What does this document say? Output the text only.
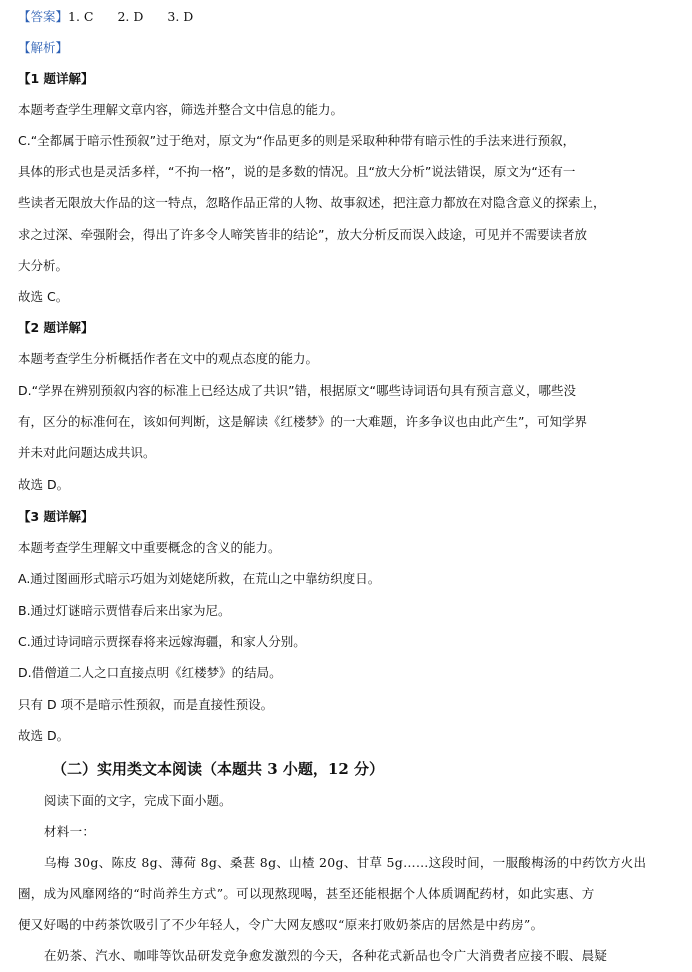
【答案】1. C 2. D 3. D
【解析】
【1 题详解】
本题考查学生理解文章内容，筛选并整合文中信息的能力。
C.“全都属于暗示性预叙”过于绝对，原文为“作品更多的则是采取种种带有暗示性的手法来进行预叙，
具体的形式也是灵活多样，“不拘一格”，说的是多数的情况。且“放大分析”说法错误，原文为“还有一
些读者无限放大作品的这一特点，忽略作品正常的人物、故事叙述，把注意力都放在对隐含意义的探索上，
求之过深、牵强附会，得出了许多令人啼笑皆非的结论”，放大分析反而误入歧途，可见并不需要读者放
大分析。
故选 C。
【2 题详解】
本题考查学生分析概括作者在文中的观点态度的能力。
D.“学界在辨别预叙内容的标准上已经达成了共识”错，根据原文“哪些诗词语句具有预言意义，哪些没
有，区分的标准何在，该如何判断，这是解读《红楼梦》的一大难题，许多争议也由此产生”，可知学界
并未对此问题达成共识。
故选 D。
【3 题详解】
本题考查学生理解文中重要概念的含义的能力。
A.通过图画形式暗示巧姐为刘姥姥所救，在荒山之中靠纺织度日。
B.通过灯谜暗示贾惜春后来出家为尼。
C.通过诗词暗示贾探春将来远嫁海疆，和家人分别。
D.借僧道二人之口直接点明《红楼梦》的结局。
只有 D 项不是暗示性预叙，而是直接性预设。
故选 D。
（二）实用类文本阅读（本题共 3 小题，12 分）
阅读下面的文字，完成下面小题。
材料一：
乌梅 30g、陈皮 8g、薄荷 8g、桑葚 8g、山楂 20g、甘草 5g……这段时间，一服酸梅汤的中药饮方火出
圈，成为风靡网络的“时尚养生方式”。可以现熬现喝，甚至还能根据个人体质调配药材，如此实惠、方
便又好喝的中药茶饮吸引了不少年轻人，令广大网友感叹“原来打败奶茶店的居然是中药房”。
在奶茶、汽水、咖啡等饮品研发竞争愈发激烈的今天，各种花式新品也令广大消费者应接不暇、晨疑
